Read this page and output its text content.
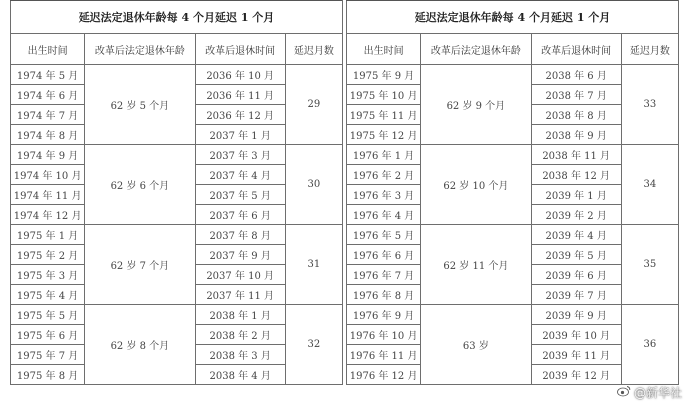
延迟法定退休年龄每 4 个月延迟 1 个月			
出生时间	改革后法定退休年龄	改革后退休时间	延迟月数
1974 年 5 月	62 岁 5 个月	2036 年 10 月	29
1974 年 6 月		2036 年 11 月	
1974 年 7 月		2036 年 12 月	
1974 年 8 月		2037 年 1 月	
1974 年 9 月	62 岁 6 个月	2037 年 3 月	30
1974 年 10 月		2037 年 4 月	
1974 年 11 月		2037 年 5 月	
1974 年 12 月		2037 年 6 月	
1975 年 1 月	62 岁 7 个月	2037 年 8 月	31
1975 年 2 月		2037 年 9 月	
1975 年 3 月		2037 年 10 月	
1975 年 4 月		2037 年 11 月	
1975 年 5 月	62 岁 8 个月	2038 年 1 月	32
1975 年 6 月		2038 年 2 月	
1975 年 7 月		2038 年 3 月	
1975 年 8 月		2038 年 4 月	
延迟法定退休年龄每 4 个月延迟 1 个月			
出生时间	改革后法定退休年龄	改革后退休时间	延迟月数
1975 年 9 月	62 岁 9 个月	2038 年 6 月	33
1975 年 10 月		2038 年 7 月	
1975 年 11 月		2038 年 8 月	
1975 年 12 月		2038 年 9 月	
1976 年 1 月	62 岁 10 个月	2038 年 11 月	34
1976 年 2 月		2038 年 12 月	
1976 年 3 月		2039 年 1 月	
1976 年 4 月		2039 年 2 月	
1976 年 5 月	62 岁 11 个月	2039 年 4 月	35
1976 年 6 月		2039 年 5 月	
1976 年 7 月		2039 年 6 月	
1976 年 8 月		2039 年 7 月	
1976 年 9 月	63 岁	2039 年 9 月	36
1976 年 10 月		2039 年 10 月	
1976 年 11 月		2039 年 11 月	
1976 年 12 月		2039 年 12 月	
@新华社
